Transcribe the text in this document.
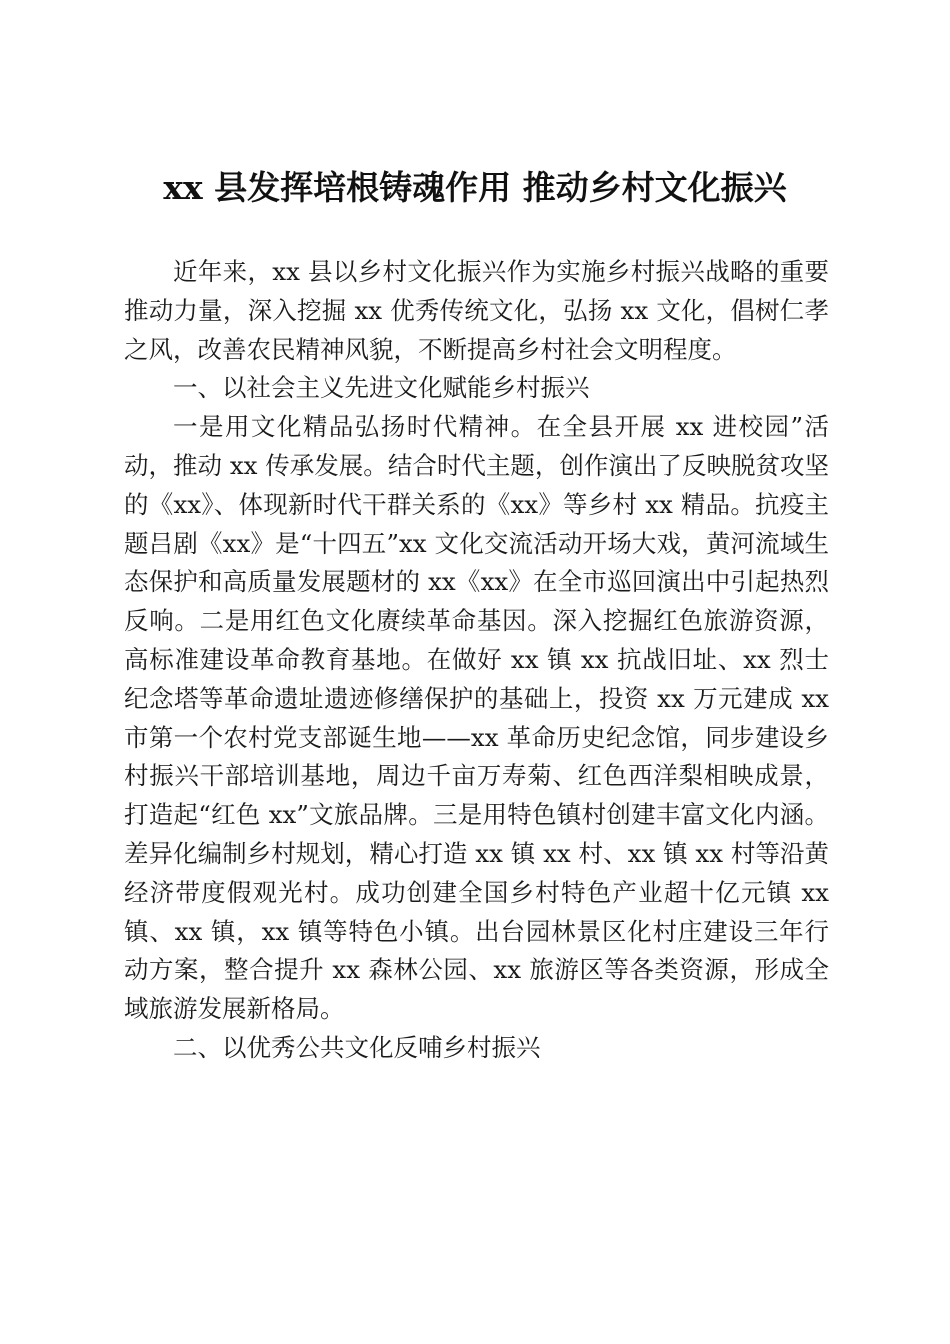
xx 县发挥培根铸魂作用 推动乡村文化振兴

近年来，xx 县以乡村文化振兴作为实施乡村振兴战略的重要推动力量，深入挖掘 xx 优秀传统文化，弘扬 xx 文化，倡树仁孝之风，改善农民精神风貌，不断提高乡村社会文明程度。

一、以社会主义先进文化赋能乡村振兴

一是用文化精品弘扬时代精神。在全县开展 xx 进校园”活动，推动 xx 传承发展。结合时代主题，创作演出了反映脱贫攻坚的《xx》、体现新时代干群关系的《xx》等乡村 xx 精品。抗疫主题吕剧《xx》是“十四五”xx 文化交流活动开场大戏，黄河流域生态保护和高质量发展题材的 xx《xx》在全市巡回演出中引起热烈反响。二是用红色文化赓续革命基因。深入挖掘红色旅游资源， 高标准建设革命教育基地。在做好 xx 镇 xx 抗战旧址、xx 烈士纪念塔等革命遗址遗迹修缮保护的基础上，投资 xx 万元建成 xx 市第一个农村党支部诞生地——xx 革命历史纪念馆，同步建设乡村振兴干部培训基地，周边千亩万寿菊、红色西洋梨相映成景，打造起“红色 xx”文旅品牌。三是用特色镇村创建丰富文化内涵。差异化编制乡村规划，精心打造 xx 镇 xx 村、xx 镇 xx 村等沿黄经济带度假观光村。成功创建全国乡村特色产业超十亿元镇 xx 镇、xx 镇，xx 镇等特色小镇。出台园林景区化村庄建设三年行动方案，整合提升 xx 森林公园、xx 旅游区等各类资源，形成全域旅游发展新格局。

二、以优秀公共文化反哺乡村振兴
